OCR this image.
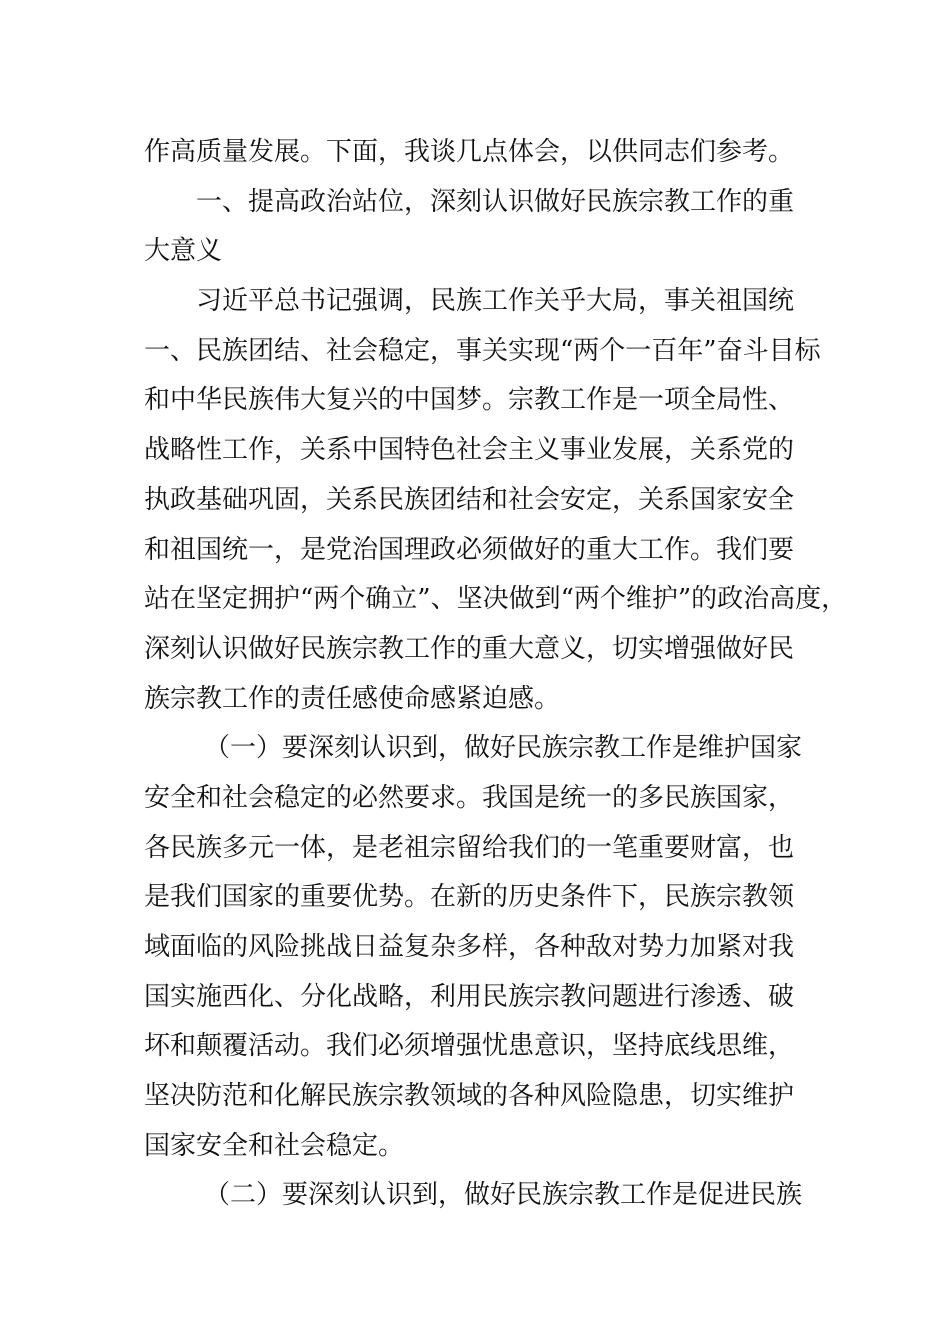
作高质量发展。下面，我谈几点体会，以供同志们参考。
一、提高政治站位，深刻认识做好民族宗教工作的重
大意义
习近平总书记强调，民族工作关乎大局，事关祖国统
一、民族团结、社会稳定，事关实现“两个一百年”奋斗目标
和中华民族伟大复兴的中国梦。宗教工作是一项全局性、
战略性工作，关系中国特色社会主义事业发展，关系党的
执政基础巩固，关系民族团结和社会安定，关系国家安全
和祖国统一，是党治国理政必须做好的重大工作。我们要
站在坚定拥护“两个确立”、坚决做到“两个维护”的政治高度，
深刻认识做好民族宗教工作的重大意义，切实增强做好民
族宗教工作的责任感使命感紧迫感。
（一）要深刻认识到，做好民族宗教工作是维护国家
安全和社会稳定的必然要求。我国是统一的多民族国家，
各民族多元一体，是老祖宗留给我们的一笔重要财富，也
是我们国家的重要优势。在新的历史条件下，民族宗教领
域面临的风险挑战日益复杂多样，各种敌对势力加紧对我
国实施西化、分化战略，利用民族宗教问题进行渗透、破
坏和颠覆活动。我们必须增强忧患意识，坚持底线思维，
坚决防范和化解民族宗教领域的各种风险隐患，切实维护
国家安全和社会稳定。
（二）要深刻认识到，做好民族宗教工作是促进民族
